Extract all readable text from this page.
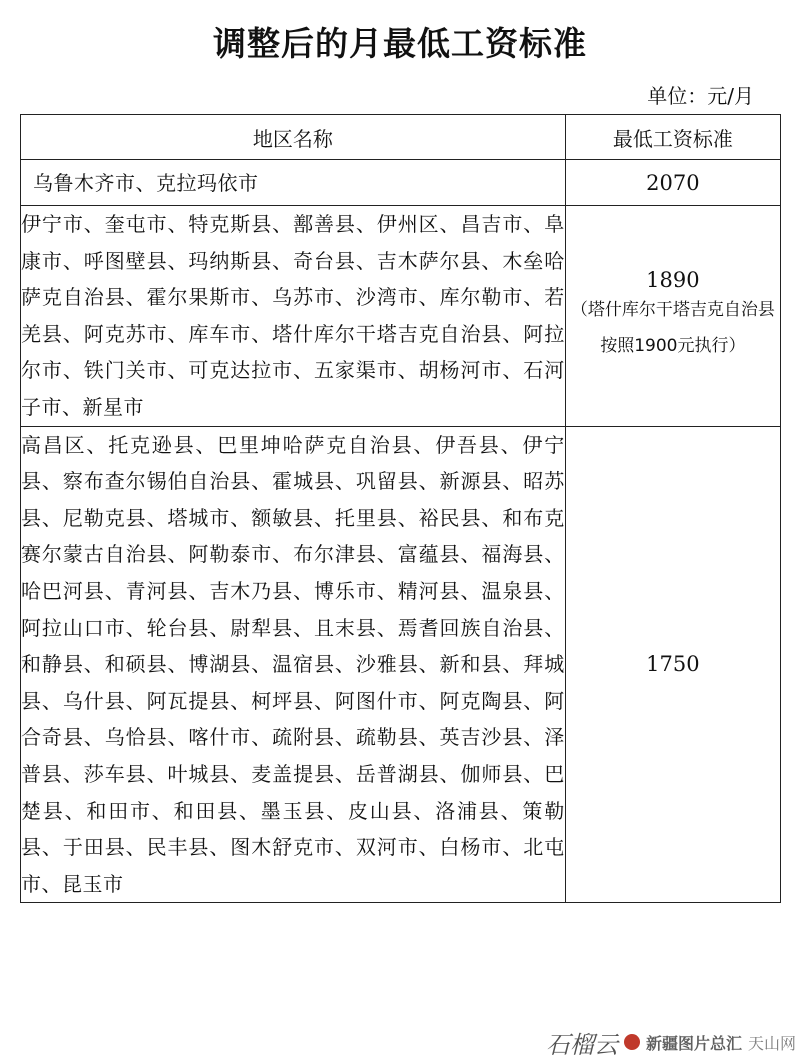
调整后的月最低工资标准
单位：元/月
地区名称	最低工资标准
乌鲁木齐市、克拉玛依市	2070

伊宁市、奎屯市、特克斯县、鄯善县、伊州区、昌吉市、阜康市、呼图壁县、玛纳斯县、奇台县、吉木萨尔县、木垒哈萨克自治县、霍尔果斯市、乌苏市、沙湾市、库尔勒市、若羌县、阿克苏市、库车市、塔什库尔干塔吉克自治县、阿拉尔市、铁门关市、可克达拉市、五家渠市、胡杨河市、石河子市、新星市	1890
（塔什库尔干塔吉克自治县按照1900元执行）

高昌区、托克逊县、巴里坤哈萨克自治县、伊吾县、伊宁县、察布查尔锡伯自治县、霍城县、巩留县、新源县、昭苏县、尼勒克县、塔城市、额敏县、托里县、裕民县、和布克赛尔蒙古自治县、阿勒泰市、布尔津县、富蕴县、福海县、哈巴河县、青河县、吉木乃县、博乐市、精河县、温泉县、阿拉山口市、轮台县、尉犁县、且末县、焉耆回族自治县、和静县、和硕县、博湖县、温宿县、沙雅县、新和县、拜城县、乌什县、阿瓦提县、柯坪县、阿图什市、阿克陶县、阿合奇县、乌恰县、喀什市、疏附县、疏勒县、英吉沙县、泽普县、莎车县、叶城县、麦盖提县、岳普湖县、伽师县、巴楚县、和田市、和田县、墨玉县、皮山县、洛浦县、策勒县、于田县、民丰县、图木舒克市、双河市、白杨市、北屯市、昆玉市	1750
石榴云 新疆图片总汇 天山网
